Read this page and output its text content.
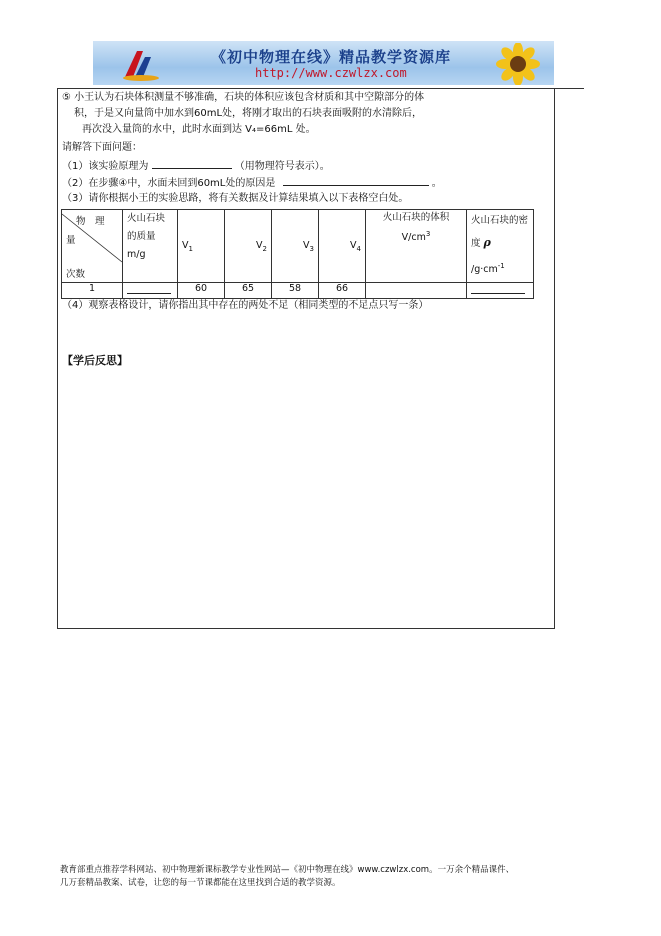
《初中物理在线》精品教学资源库
http://www.czwlzx.com
⑤ 小王认为石块体积测量不够准确，石块的体积应该包含材质和其中空隙部分的体
积，于是又向量筒中加水到60mL处，将刚才取出的石块表面吸附的水清除后，
再次没入量筒的水中，此时水面到达 V₄=66mL 处。
请解答下面问题：
（1）该实验原理为	（用物理符号表示）。
（2）在步骤④中，水面未回到60mL处的原因是	。
（3）请你根据小王的实验思路，将有关数据及计算结果填入以下表格空白处。
物　理
量
次数	火山石块的质量 m/g	$V_1$	$V_2$	$V_3$	$V_4$	火山石块的体积 $V/cm^3$	火山石块的密度 ρ
$/g\cdot cm^{-1}$
1		60	65	58	66		
（4）观察表格设计，请你指出其中存在的两处不足（相同类型的不足点只写一条）
【学后反思】
教育部重点推荐学科网站、初中物理新课标教学专业性网站—《初中物理在线》www.czwlzx.com。一万余个精品课件、
几万套精品教案、试卷，让您的每一节课都能在这里找到合适的教学资源。
